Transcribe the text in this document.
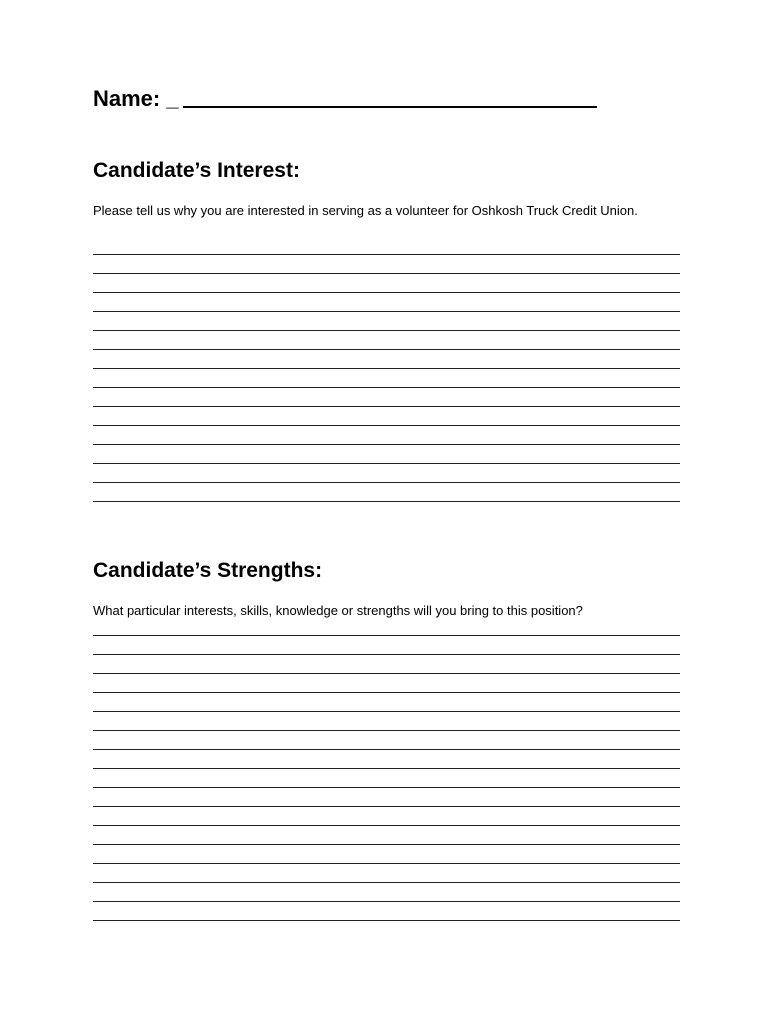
Name: _
Candidate’s Interest:
Please tell us why you are interested in serving as a volunteer for Oshkosh Truck Credit Union.
Candidate’s Strengths:
What particular interests, skills, knowledge or strengths will you bring to this position?
